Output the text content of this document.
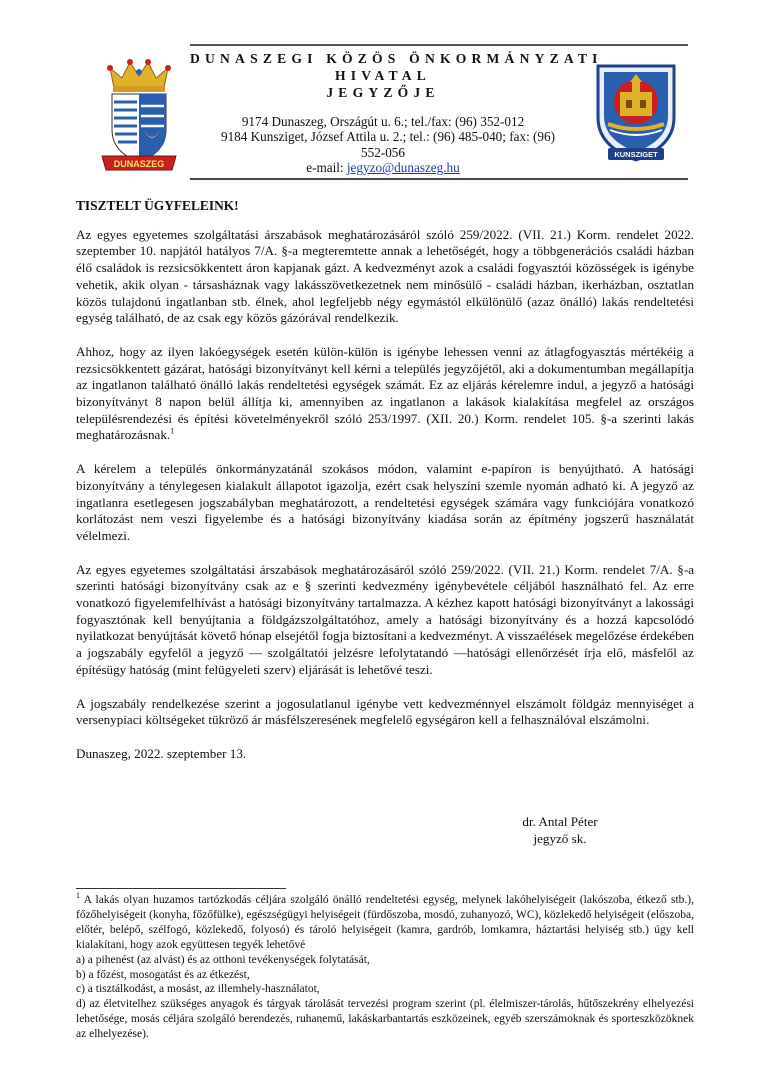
DUNASZEG
KUNSZIGET
DUNASZEGI KÖZÖS ÖNKORMÁNYZATI
HIVATAL
JEGYZŐJE
9174 Dunaszeg, Országút u. 6.; tel./fax: (96) 352-012
9184 Kunsziget, József Attila u. 2.; tel.: (96) 485-040; fax: (96)
552-056
e-mail: jegyzo@dunaszeg.hu

TISZTELT ÜGYFELEINK!

Az egyes egyetemes szolgáltatási árszabások meghatározásáról szóló 259/2022. (VII. 21.) Korm. rendelet 2022. szeptember 10. napjától hatályos 7/A. §-a megteremtette annak a lehetőségét, hogy a többgenerációs családi házban élő családok is rezsicsökkentett áron kapjanak gázt. A kedvezményt azok a családi fogyasztói közösségek is igénybe vehetik, akik olyan - társasháznak vagy lakásszövetkezetnek nem minősülő - családi házban, ikerházban, osztatlan közös tulajdonú ingatlanban stb. élnek, ahol legfeljebb négy egymástól elkülönülő (azaz önálló) lakás rendeltetési egység található, de az csak egy közös gázórával rendelkezik.

Ahhoz, hogy az ilyen lakóegységek esetén külön-külön is igénybe lehessen venni az átlagfogyasztás mértékéig a rezsicsökkentett gázárat, hatósági bizonyítványt kell kérni a település jegyzőjétől, aki a dokumentumban megállapítja az ingatlanon található önálló lakás rendeltetési egységek számát. Ez az eljárás kérelemre indul, a jegyző a hatósági bizonyítványt 8 napon belül állítja ki, amennyiben az ingatlanon a lakások kialakítása megfelel az országos településrendezési és építési követelményekről szóló 253/1997. (XII. 20.) Korm. rendelet 105. §-a szerinti lakás meghatározásnak.$^1$

A kérelem a település önkormányzatánál szokásos módon, valamint e-papíron is benyújtható. A hatósági bizonyítvány a ténylegesen kialakult állapotot igazolja, ezért csak helyszíni szemle nyomán adható ki. A jegyző az ingatlanra esetlegesen jogszabályban meghatározott, a rendeltetési egységek számára vagy funkciójára vonatkozó korlátozást nem veszi figyelembe és a hatósági bizonyítvány kiadása során az építmény jogszerű használatát vélelmezi.

Az egyes egyetemes szolgáltatási árszabások meghatározásáról szóló 259/2022. (VII. 21.) Korm. rendelet 7/A. §-a szerinti hatósági bizonyítvány csak az e § szerinti kedvezmény igénybevétele céljából használható fel. Az erre vonatkozó figyelemfelhívást a hatósági bizonyítvány tartalmazza. A kézhez kapott hatósági bizonyítványt a lakossági fogyasztónak kell benyújtania a földgázszolgáltatóhoz, amely a hatósági bizonyítvány és a hozzá kapcsolódó nyilatkozat benyújtását követő hónap elsejétől fogja biztosítani a kedvezményt. A visszaélések megelőzése érdekében a jogszabály egyfelől a jegyző — szolgáltatói jelzésre lefolytatandó —hatósági ellenőrzését írja elő, másfelől az építésügy hatóság (mint felügyeleti szerv) eljárását is lehetővé teszi.

A jogszabály rendelkezése szerint a jogosulatlanul igénybe vett kedvezménnyel elszámolt földgáz mennyiséget a versenypiaci költségeket tükröző ár másfélszeresének megfelelő egységáron kell a felhasználóval elszámolni.

Dunaszeg, 2022. szeptember 13.

dr. Antal Péter
jegyző sk.

$^1$ A lakás olyan huzamos tartózkodás céljára szolgáló önálló rendeltetési egység, melynek lakóhelyiségeit (lakószoba, étkező stb.), főzőhelyiségeit (konyha, főzőfülke), egészségügyi helyiségeit (fürdőszoba, mosdó, zuhanyozó, WC), közlekedő helyiségeit (előszoba, előtér, belépő, szélfogó, közlekedő, folyosó) és tároló helyiségeit (kamra, gardrób, lomkamra, háztartási helyiség stb.) úgy kell kialakítani, hogy azok együttesen tegyék lehetővé

a) a pihenést (az alvást) és az otthoni tevékenységek folytatását,

b) a főzést, mosogatást és az étkezést,

c) a tisztálkodást, a mosást, az illemhely-használatot,

d) az életvitelhez szükséges anyagok és tárgyak tárolását tervezési program szerint (pl. élelmiszer-tárolás, hűtőszekrény elhelyezési lehetősége, mosás céljára szolgáló berendezés, ruhanemű, lakáskarbantartás eszközeinek, egyéb szerszámoknak és sporteszközöknek az elhelyezése).
